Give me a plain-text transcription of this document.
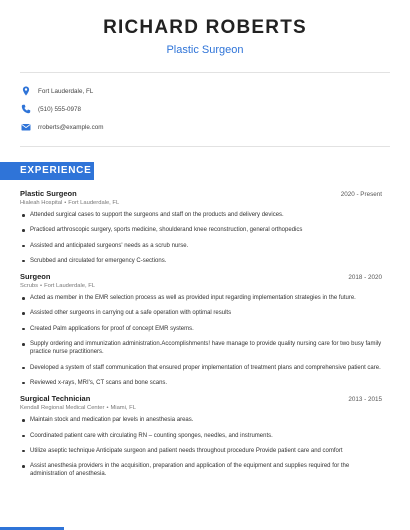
RICHARD ROBERTS
Plastic Surgeon
Fort Lauderdale, FL
(510) 555-0978
rroberts@example.com
EXPERIENCE
Plastic Surgeon	2020 - Present
Hialeah Hospital • Fort Lauderdale, FL
Attended surgical cases to support the surgeons and staff on the products and delivery devices.
Practiced arthroscopic surgery, sports medicine, shoulderand knee reconstruction, general orthopedics
Assisted and anticipated surgeons' needs as a scrub nurse.
Scrubbed and circulated for emergency C-sections.
Surgeon	2018 - 2020
Scrubs • Fort Lauderdale, FL
Acted as member in the EMR selection process as well as provided input regarding implementation strategies in the future.
Assisted other surgeons in carrying out a safe operation with optimal results
Created Palm applications for proof of concept EMR systems.
Supply ordering and immunization administration.Accomplishments! have manage to provide quality nursing care for two busy family practice nurse practitioners.
Developed a system of staff communication that ensured proper implementation of treatment plans and comprehensive patient care.
Reviewed x-rays, MRI's, CT scans and bone scans.
Surgical Technician	2013 - 2015
Kendall Regional Medical Center • Miami, FL
Maintain stock and medication par levels in anesthesia areas.
Coordinated patient care with circulating RN – counting sponges, needles, and instruments.
Utilize aseptic technique Anticipate surgeon and patient needs throughout procedure Provide patient care and comfort
Assist anesthesia providers in the acquisition, preparation and application of the equipment and supplies required for the administration of anesthesia.
